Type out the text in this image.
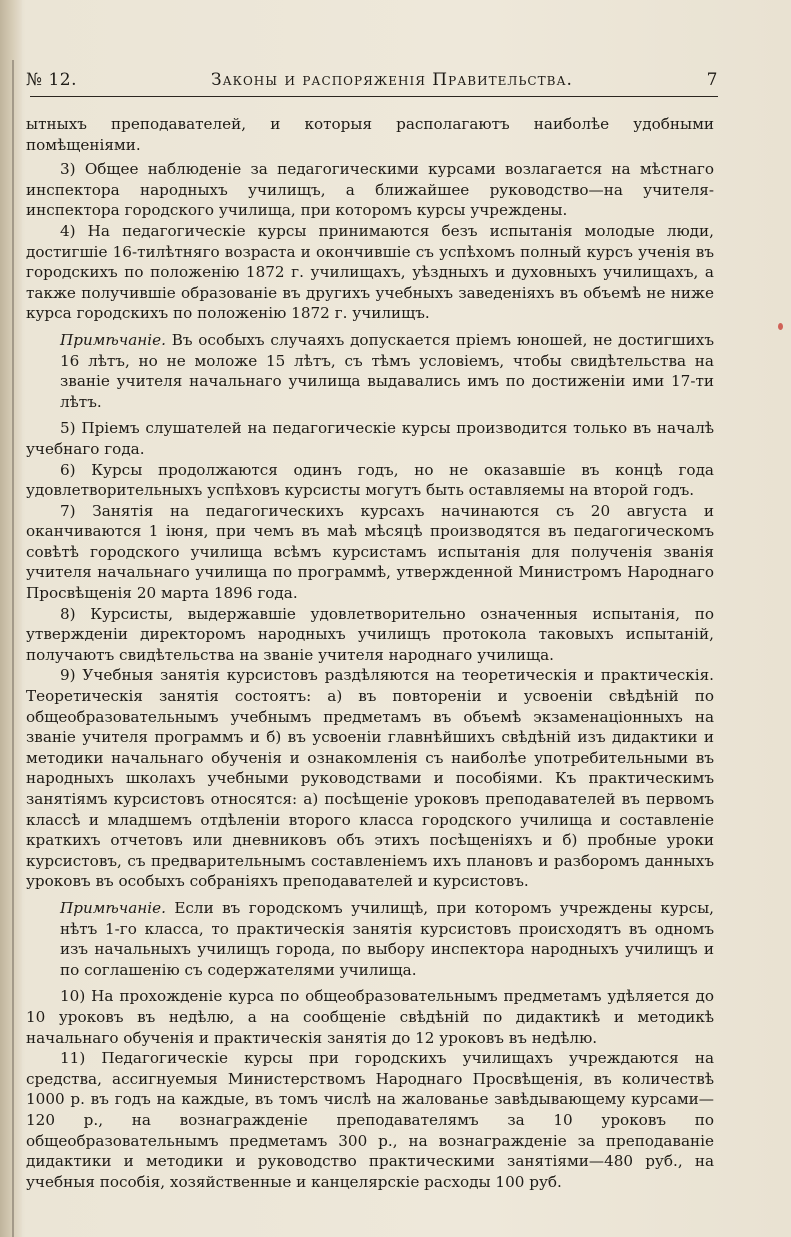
№ 12.	Законы и распоряженія Правительства.	7

ытныхъ преподавателей, и которыя располагаютъ наиболѣе удобными помѣщеніями.

3) Общее наблюденіе за педагогическими курсами возлагается на мѣстнаго инспектора народныхъ училищъ, а ближайшее руководство—на учителя-инспектора городского училища, при которомъ курсы учреждены.

4) На педагогическіе курсы принимаются безъ испытанія молодые люди, достигшіе 16-тилѣтняго возраста и окончившіе съ успѣхомъ полный курсъ ученія въ городскихъ по положенію 1872 г. училищахъ, уѣздныхъ и духовныхъ училищахъ, а также получившіе образованіе въ другихъ учебныхъ заведеніяхъ въ объемѣ не ниже курса городскихъ по положенію 1872 г. училищъ.

Примѣчаніе. Въ особыхъ случаяхъ допускается пріемъ юношей, не достигшихъ 16 лѣтъ, но не моложе 15 лѣтъ, съ тѣмъ условіемъ, чтобы свидѣтельства на званіе учителя начальнаго училища выдавались имъ по достиженіи ими 17-ти лѣтъ.

5) Пріемъ слушателей на педагогическіе курсы производится только въ началѣ учебнаго года.

6) Курсы продолжаются одинъ годъ, но не оказавшіе въ концѣ года удовлетворительныхъ успѣховъ курсисты могутъ быть оставляемы на второй годъ.

7) Занятія на педагогическихъ курсахъ начинаются съ 20 августа и оканчиваются 1 іюня, при чемъ въ маѣ мѣсяцѣ производятся въ педагогическомъ совѣтѣ городского училища всѣмъ курсистамъ испытанія для полученія званія учителя начальнаго училища по программѣ, утвержденной Министромъ Народнаго Просвѣщенія 20 марта 1896 года.

8) Курсисты, выдержавшіе удовлетворительно означенныя испытанія, по утвержденіи директоромъ народныхъ училищъ протокола таковыхъ испытаній, получаютъ свидѣтельства на званіе учителя народнаго училища.

9) Учебныя занятія курсистовъ раздѣляются на теоретическія и практическія. Теоретическія занятія состоятъ: а) въ повтореніи и усвоеніи свѣдѣній по общеобразовательнымъ учебнымъ предметамъ въ объемѣ экзаменаціонныхъ на званіе учителя программъ и б) въ усвоеніи главнѣйшихъ свѣдѣній изъ дидактики и методики начальнаго обученія и ознакомленія съ наиболѣе употребительными въ народныхъ школахъ учебными руководствами и пособіями. Къ практическимъ занятіямъ курсистовъ относятся: а) посѣщеніе уроковъ преподавателей въ первомъ классѣ и младшемъ отдѣленіи второго класса городского училища и составленіе краткихъ отчетовъ или дневниковъ объ этихъ посѣщеніяхъ и б) пробные уроки курсистовъ, съ предварительнымъ составленіемъ ихъ плановъ и разборомъ данныхъ уроковъ въ особыхъ собраніяхъ преподавателей и курсистовъ.

Примѣчаніе. Если въ городскомъ училищѣ, при которомъ учреждены курсы, нѣтъ 1-го класса, то практическія занятія курсистовъ происходятъ въ одномъ изъ начальныхъ училищъ города, по выбору инспектора народныхъ училищъ и по соглашенію съ содержателями училища.

10) На прохожденіе курса по общеобразовательнымъ предметамъ удѣляется до 10 уроковъ въ недѣлю, а на сообщеніе свѣдѣній по дидактикѣ и методикѣ начальнаго обученія и практическія занятія до 12 уроковъ въ недѣлю.

11) Педагогическіе курсы при городскихъ училищахъ учреждаются на средства, ассигнуемыя Министерствомъ Народнаго Просвѣщенія, въ количествѣ 1000 р. въ годъ на каждые, въ томъ числѣ на жалованье завѣдывающему курсами—120 р., на вознагражденіе преподавателямъ за 10 уроковъ по общеобразовательнымъ предметамъ 300 р., на вознагражденіе за преподаваніе дидактики и методики и руководство практическими занятіями—480 руб., на учебныя пособія, хозяйственные и канцелярскіе расходы 100 руб.
